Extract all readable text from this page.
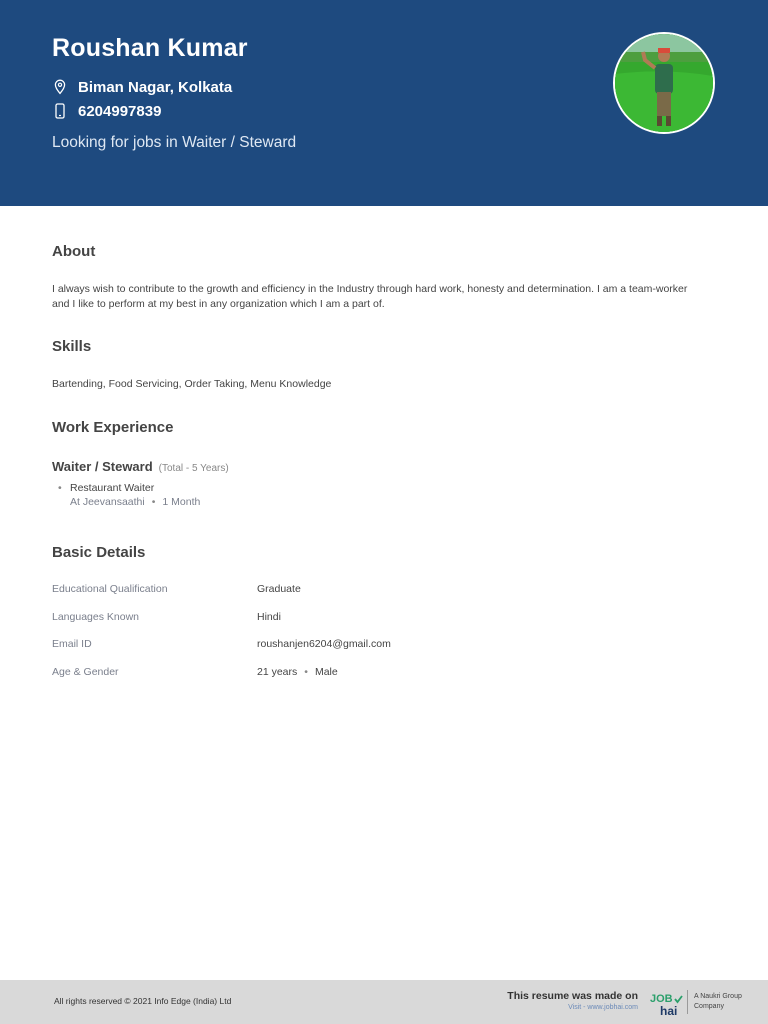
Roushan Kumar
Biman Nagar, Kolkata
6204997839
Looking for jobs in Waiter / Steward
About
I always wish to contribute to the growth and efficiency in the Industry through hard work, honesty and determination. I am a team-worker and I like to perform at my best in any organization which I am a part of.
Skills
Bartending, Food Servicing, Order Taking, Menu Knowledge
Work Experience
Waiter / Steward (Total - 5 Years)
• Restaurant Waiter
At Jeevansaathi • 1 Month
Basic Details
Educational Qualification	Graduate
Languages Known	Hindi
Email ID	roushanjen6204@gmail.com
Age & Gender	21 years • Male
All rights reserved © 2021 Info Edge (India) Ltd	This resume was made on
Visit - www.jobhai.com
JOB
hai
A Naukri Group
Company
